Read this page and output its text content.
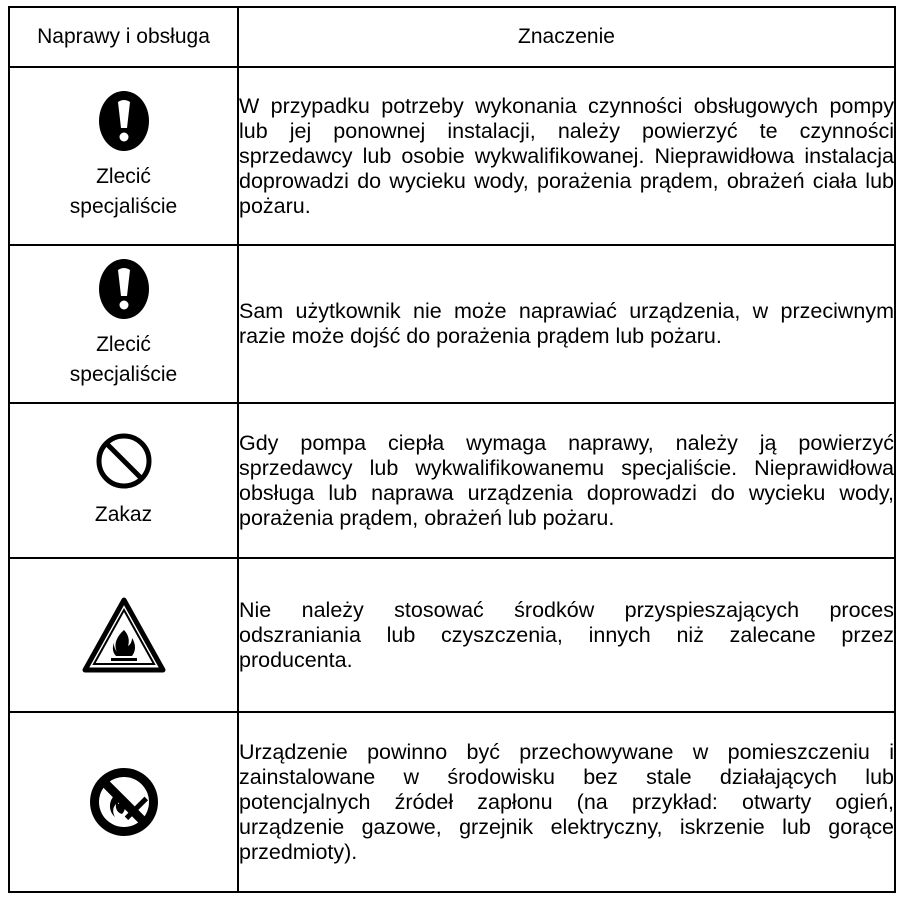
Naprawy i obsługa	Znaczenie

Zlecić
specjaliście	W przypadku potrzeby wykonania czynności obsługowych pompy lub jej ponownej instalacji, należy powierzyć te czynności sprzedawcy lub osobie wykwalifikowanej. Nieprawidłowa instalacja doprowadzi do wycieku wody, porażenia prądem, obrażeń ciała lub pożaru.

Zlecić
specjaliście	Sam użytkownik nie może naprawiać urządzenia, w przeciwnym razie może dojść do porażenia prądem lub pożaru.

Zakaz	Gdy pompa ciepła wymaga naprawy, należy ją powierzyć sprzedawcy lub wykwalifikowanemu specjaliście. Nieprawidłowa obsługa lub naprawa urządzenia doprowadzi do wycieku wody, porażenia prądem, obrażeń lub pożaru.

	Nie należy stosować środków przyspieszających proces odszraniania lub czyszczenia, innych niż zalecane przez producenta.

	Urządzenie powinno być przechowywane w pomieszczeniu i zainstalowane w środowisku bez stale działających lub potencjalnych źródeł zapłonu (na przykład: otwarty ogień, urządzenie gazowe, grzejnik elektryczny, iskrzenie lub gorące przedmioty).
